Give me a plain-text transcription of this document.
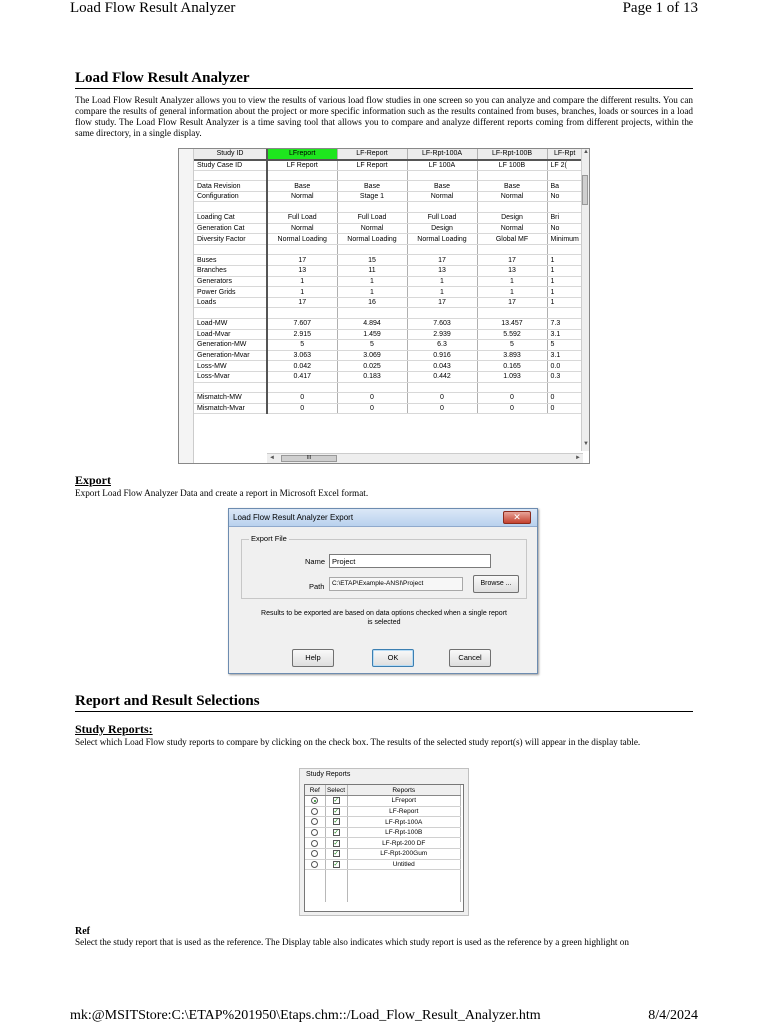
Load Flow Result Analyzer	Page 1 of 13
Load Flow Result Analyzer

The Load Flow Result Analyzer allows you to view the results of various load flow studies in one screen so you can analyze and compare the different results. You can compare the results of general information about the project or more specific information such as the results contained from buses, branches, loads or sources in a load flow study. The Load Flow Result Analyzer is a time saving tool that allows you to compare and analyze different reports coming from different projects, within the same directory, in a single display.

Study ID	LFreport	LF-Report	LF-Rpt-100A	LF-Rpt-100B	LF-Rpt
Study Case ID	LF Report	LF Report	LF 100A	LF 100B	LF 2(

Data Revision	Base	Base	Base	Base	Ba
Configuration	Normal	Stage 1	Normal	Normal	No

Loading Cat	Full Load	Full Load	Full Load	Design	Bri
Generation Cat	Normal	Normal	Design	Normal	No
Diversity Factor	Normal Loading	Normal Loading	Normal Loading	Global MF	Minimum

Buses	17	15	17	17	1
Branches	13	11	13	13	1
Generators	1	1	1	1	1
Power Grids	1	1	1	1	1
Loads	17	16	17	17	1

Load-MW	7.607	4.894	7.603	13.457	7.3
Load-Mvar	2.915	1.459	2.939	5.592	3.1
Generation-MW	5	5	6.3	5	5
Generation-Mvar	3.063	3.069	0.916	3.893	3.1
Loss-MW	0.042	0.025	0.043	0.165	0.0
Loss-Mvar	0.417	0.183	0.442	1.093	0.3

Mismatch-MW	0	0	0	0	0
Mismatch-Mvar	0	0	0	0	0
▲
▼
◄	III	►
Export

Export Load Flow Analyzer Data and create a report in Microsoft Excel format.

Load Flow Result Analyzer Export	✕
Export File
Name
Project
Path	C:\ETAP\Example-ANSI\Project	Browse ...
Results to be exported are based on data options checked when a single report is selected
Help	OK	Cancel
Report and Result Selections
Study Reports:

Select which Load Flow study reports to compare by clicking on the check box. The results of the selected study report(s) will appear in the display table.

Study Reports
Ref	Select	Reports
	✓	LFreport
	✓	LF-Report
	✓	LF-Rpt-100A
	✓	LF-Rpt-100B
	✓	LF-Rpt-200 DF
	✓	LF-Rpt-200Gum
	✓	Untitled

Ref

Select the study report that is used as the reference. The Display table also indicates which study report is used as the reference by a green highlight on

mk:@MSITStore:C:\ETAP%201950\Etaps.chm::/Load_Flow_Result_Analyzer.htm	8/4/2024
